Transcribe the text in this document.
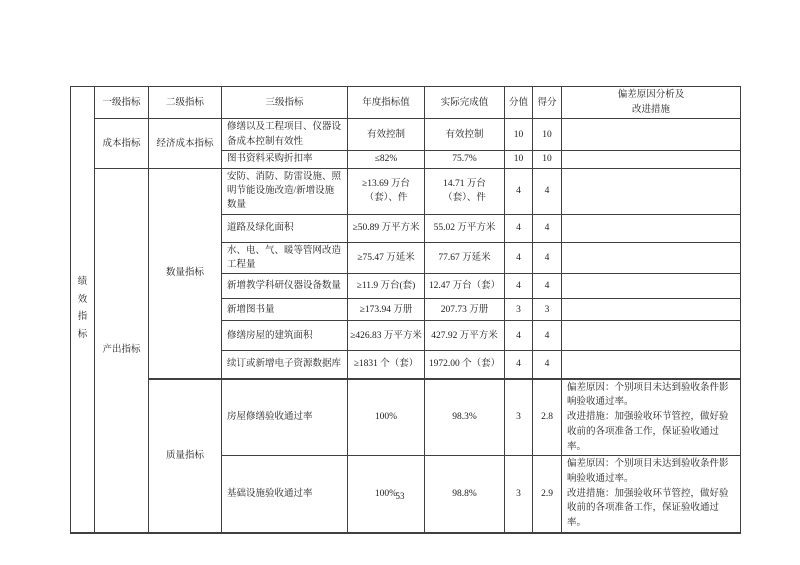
绩效指标	一级指标	二级指标	三级指标	年度指标值	实际完成值	分值	得分	偏差原因分析及
改进措施

	成本指标	经济成本指标	修缮以及工程项目、仪器设备成本控制有效性	有效控制	有效控制	10	10	
			图书资料采购折扣率	≤82%	75.7%	10	10	
	产出指标	数量指标	安防、消防、防雷设施、照明节能设施改造/新增设施数量	≥13.69 万台（套）、件	14.71 万台（套）、件	4	4	
			道路及绿化面积	≥50.89 万平方米	55.02 万平方米	4	4	
			水、电、气、暖等管网改造工程量	≥75.47 万延米	77.67 万延米	4	4	
			新增教学科研仪器设备数量	≥11.9 万台(套)	12.47 万台（套）	4	4	
			新增图书量	≥173.94 万册	207.73 万册	3	3	
			修缮房屋的建筑面积	≥426.83 万平方米	427.92 万平方米	4	4	
			续订或新增电子资源数据库	≥1831 个（套）	1972.00 个（套）	4	4	
		质量指标	房屋修缮验收通过率	100%	98.3%	3	2.8	偏差原因：个别项目未达到验收条件影响验收通过率。
改进措施：加强验收环节管控，做好验收前的各项准备工作，保证验收通过率。

			基础设施验收通过率	100%	98.8%	3	2.9	偏差原因：个别项目未达到验收条件影响验收通过率。
改进措施：加强验收环节管控，做好验收前的各项准备工作，保证验收通过率。
53
